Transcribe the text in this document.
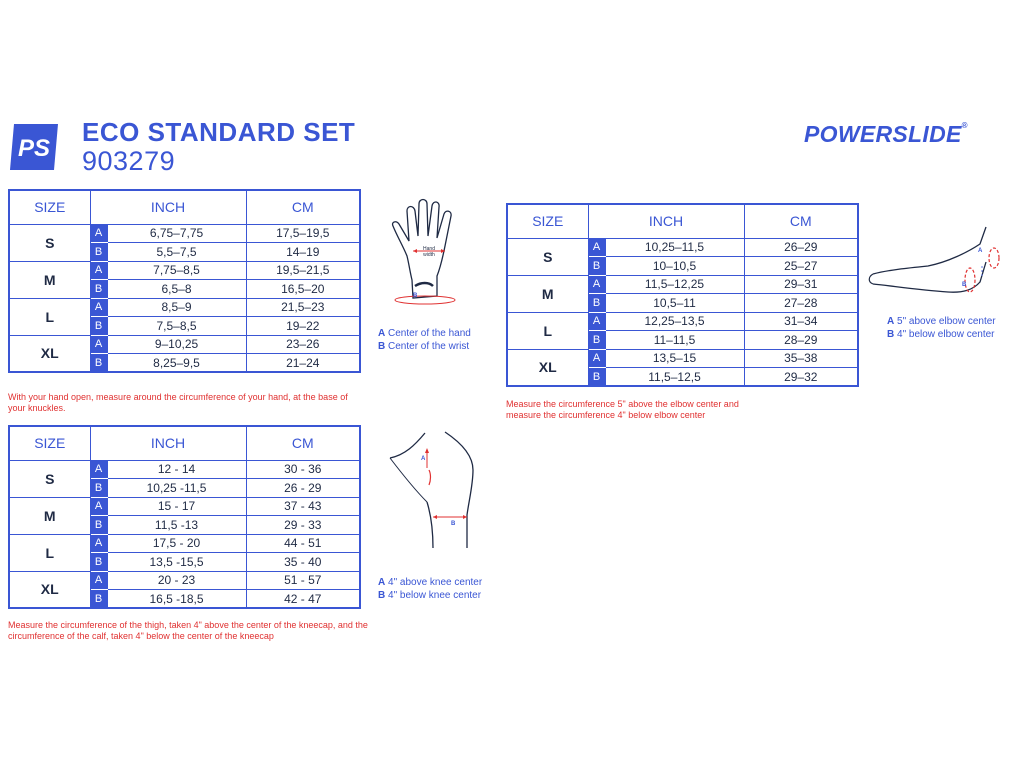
PS
ECO STANDARD SET
903279
POWERSLIDE®
SIZE	INCH		CM
S	A	6,75–7,75	17,5–19,5
	B	5,5–7,5	14–19
M	A	7,75–8,5	19,5–21,5
	B	6,5–8	16,5–20
L	A	8,5–9	21,5–23
	B	7,5–8,5	19–22
XL	A	9–10,25	23–26
	B	8,25–9,5	21–24
Hand
width
B
A Center of the hand
B Center of the wrist
With your hand open, measure around the circumference of your hand, at the base of your knuckles.
SIZE	INCH		CM
S	A	12 - 14	30 - 36
	B	10,25 -11,5	26 - 29
M	A	15 - 17	37 - 43
	B	11,5 -13	29 - 33
L	A	17,5 - 20	44 - 51
	B	13,5 -15,5	35 - 40
XL	A	20 - 23	51 - 57
	B	16,5 -18,5	42 - 47
A
B
A 4" above knee center
B 4" below knee center
Measure the circumference of the thigh, taken 4" above the center of the kneecap, and the circumference of the calf, taken 4" below the center of the kneecap
SIZE	INCH		CM
S	A	10,25–11,5	26–29
	B	10–10,5	25–27
M	A	11,5–12,25	29–31
	B	10,5–11	27–28
L	A	12,25–13,5	31–34
	B	11–11,5	28–29
XL	A	13,5–15	35–38
	B	11,5–12,5	29–32
A
B
A 5" above elbow center
B 4" below elbow center
Measure the circumference 5" above the elbow center and measure the circumference 4" below elbow center
